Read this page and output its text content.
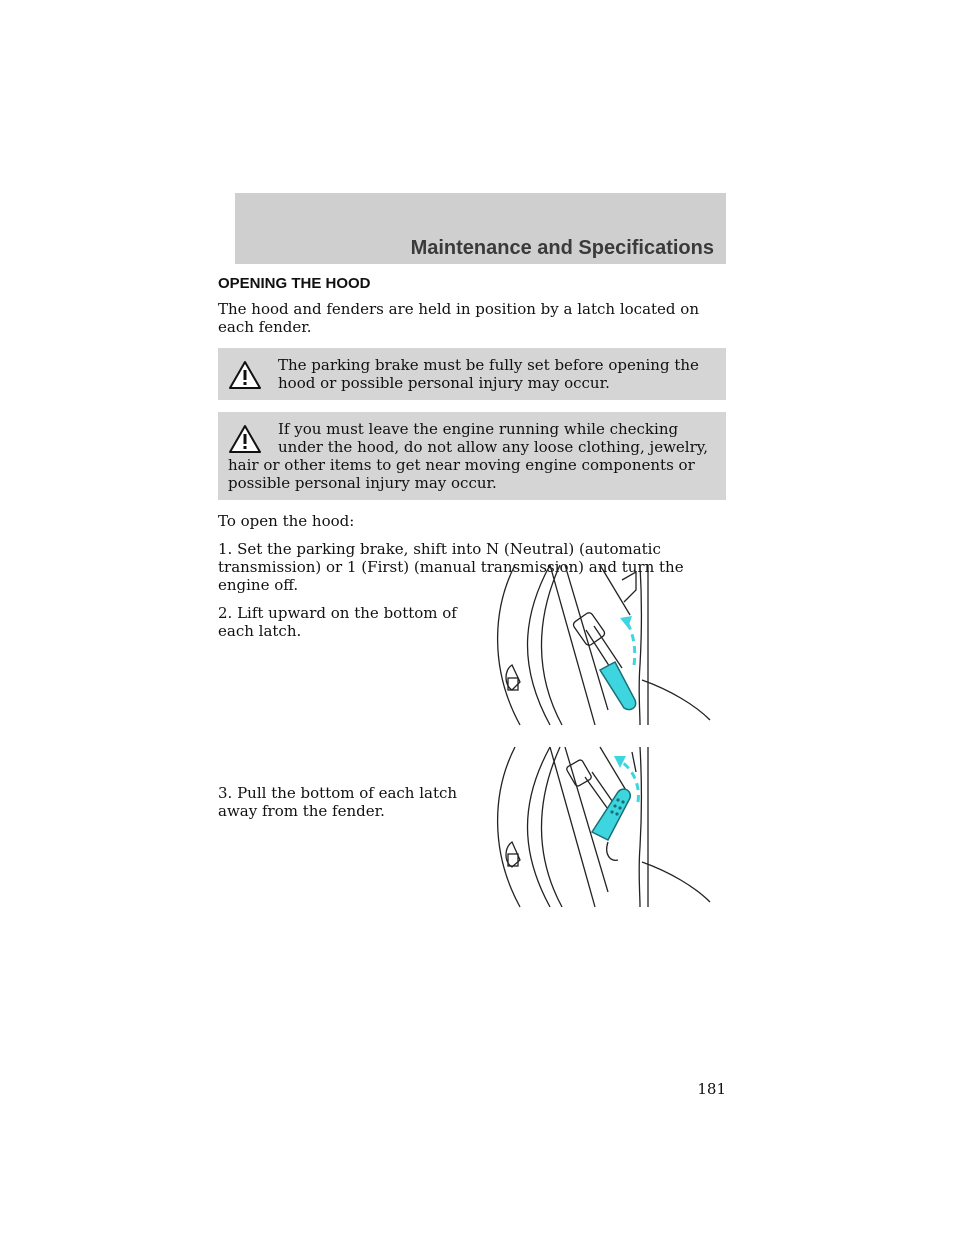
Maintenance and Specifications
OPENING THE HOOD

The hood and fenders are held in position by a latch located on each fender.

The parking brake must be fully set before opening the hood or possible personal injury may occur.
If you must leave the engine running while checking under the hood, do not allow any loose clothing, jewelry, hair or other items to get near moving engine components or possible personal injury may occur.

To open the hood:

1. Set the parking brake, shift into N (Neutral) (automatic transmission) or 1 (First) (manual transmission) and turn the engine off.

2. Lift upward on the bottom of each latch.

3. Pull the bottom of each latch away from the fender.

181
